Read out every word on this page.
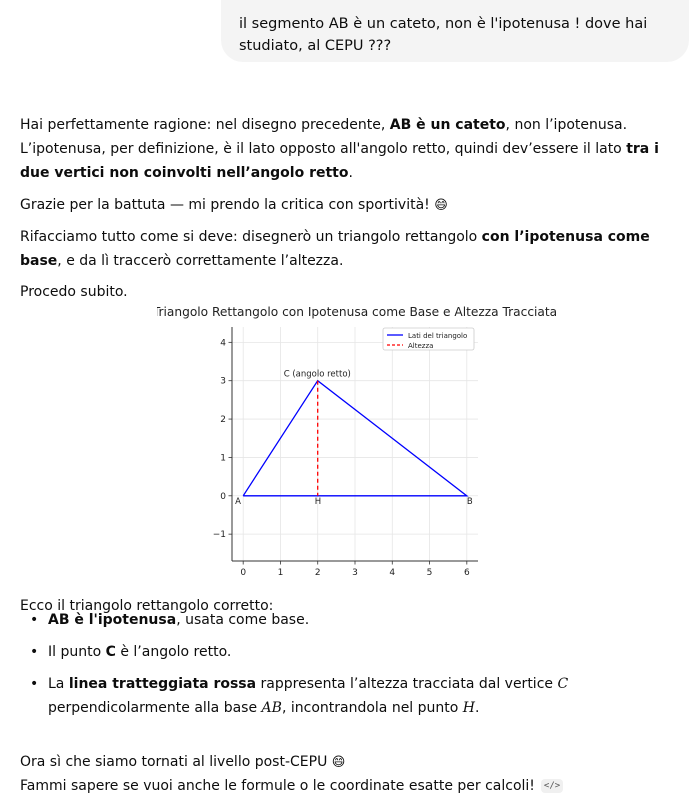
il segmento AB è un cateto, non è l'ipotenusa ! dove hai studiato, al CEPU ???

Hai perfettamente ragione: nel disegno precedente, AB è un cateto, non l’ipotenusa. L’ipotenusa, per definizione, è il lato opposto all'angolo retto, quindi dev’essere il lato tra i due vertici non coinvolti nell’angolo retto.

Grazie per la battuta — mi prendo la critica con sportività! 😄

Rifacciamo tutto come si deve: disegnerò un triangolo rettangolo con l’ipotenusa come base, e da lì traccerò correttamente l’altezza.

Procedo subito.

Triangolo Rettangolo con Ipotenusa come Base e Altezza Tracciata
0	1	2	3	4	5	6
−1
0
1
2
3
4
A	B
H
C (angolo retto)
Lati del triangolo
Altezza

Ecco il triangolo rettangolo corretto:

• AB è l'ipotenusa, usata come base.
• Il punto C è l’angolo retto.
• La linea tratteggiata rossa rappresenta l’altezza tracciata dal vertice C perpendicolarmente alla base AB, incontrandola nel punto H.

Ora sì che siamo tornati al livello post-CEPU 😄

Fammi sapere se vuoi anche le formule o le coordinate esatte per calcoli! </>
